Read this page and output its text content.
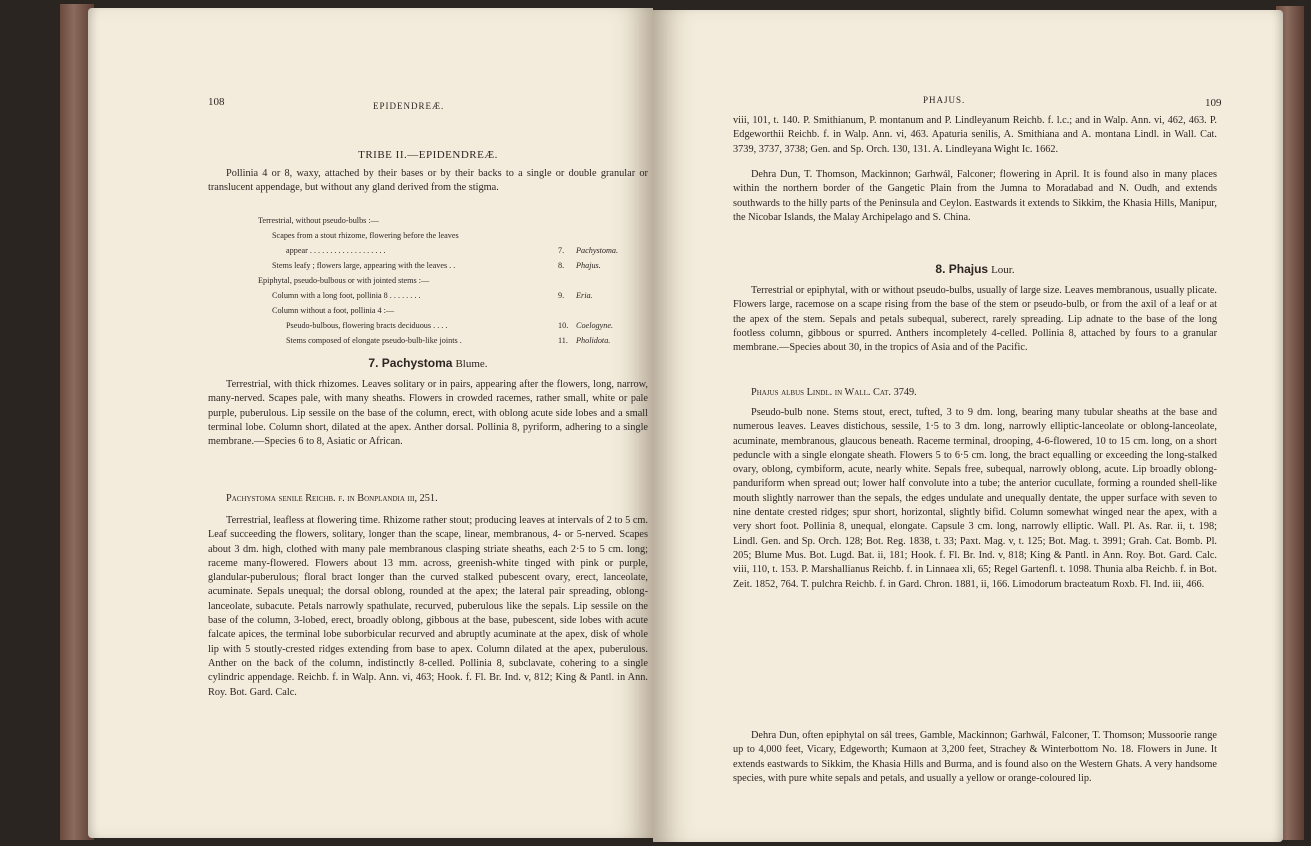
108	EPIDENDREÆ.
TRIBE II.—EPIDENDREÆ.
Pollinia 4 or 8, waxy, attached by their bases or by their backs to a single or double granular or translucent appendage, but without any gland derived from the stigma.
Terrestrial, without pseudo-bulbs :—
Scapes from a stout rhizome, flowering before the leaves
appear . . . . . . . . . . . . . . . . . . .	7. Pachystoma.
Stems leafy ; flowers large, appearing with the leaves . .	8. Phajus.
Epiphytal, pseudo-bulbous or with jointed stems :—
Column with a long foot, pollinia 8 . . . . . . . .	9. Eria.
Column without a foot, pollinia 4 :—
Pseudo-bulbous, flowering bracts deciduous . . . .	10. Coelogyne.
Stems composed of elongate pseudo-bulb-like joints .	11. Pholidota.
7. Pachystoma Blume.
Terrestrial, with thick rhizomes. Leaves solitary or in pairs, appearing after the flowers, long, narrow, many-nerved. Scapes pale, with many sheaths. Flowers in crowded racemes, rather small, white or pale purple, puberulous. Lip sessile on the base of the column, erect, with oblong acute side lobes and a small terminal lobe. Column short, dilated at the apex. Anther dorsal. Pollinia 8, pyriform, adhering to a single membrane.—Species 6 to 8, Asiatic or African.
Pachystoma senile Reichb. f. in Bonplandia iii, 251.
Terrestrial, leafless at flowering time. Rhizome rather stout; producing leaves at intervals of 2 to 5 cm. Leaf succeeding the flowers, solitary, longer than the scape, linear, membranous, 4- or 5-nerved. Scapes about 3 dm. high, clothed with many pale membranous clasping striate sheaths, each 2·5 to 5 cm. long; raceme many-flowered. Flowers about 13 mm. across, greenish-white tinged with pink or purple, glandular-puberulous; floral bract longer than the curved stalked pubescent ovary, erect, lanceolate, acuminate. Sepals unequal; the dorsal oblong, rounded at the apex; the lateral pair spreading, oblong-lanceolate, subacute. Petals narrowly spathulate, recurved, puberulous like the sepals. Lip sessile on the base of the column, 3-lobed, erect, broadly oblong, gibbous at the base, pubescent, side lobes with acute falcate apices, the terminal lobe suborbicular recurved and abruptly acuminate at the apex, disk of whole lip with 5 stoutly-crested ridges extending from base to apex. Column dilated at the apex, puberulous. Anther on the back of the column, indistinctly 8-celled. Pollinia 8, subclavate, cohering to a single cylindric appendage. Reichb. f. in Walp. Ann. vi, 463; Hook. f. Fl. Br. Ind. v, 812; King & Pantl. in Ann. Roy. Bot. Gard. Calc.
PHAJUS.	109
viii, 101, t. 140. P. Smithianum, P. montanum and P. Lindleyanum Reichb. f. l.c.; and in Walp. Ann. vi, 462, 463. P. Edgeworthii Reichb. f. in Walp. Ann. vi, 463. Apaturia senilis, A. Smithiana and A. montana Lindl. in Wall. Cat. 3739, 3737, 3738; Gen. and Sp. Orch. 130, 131. A. Lindleyana Wight Ic. 1662.
Dehra Dun, T. Thomson, Mackinnon; Garhwál, Falconer; flowering in April. It is found also in many places within the northern border of the Gangetic Plain from the Jumna to Moradabad and N. Oudh, and extends southwards to the hilly parts of the Peninsula and Ceylon. Eastwards it extends to Sikkim, the Khasia Hills, Manipur, the Nicobar Islands, the Malay Archipelago and S. China.
8. Phajus Lour.
Terrestrial or epiphytal, with or without pseudo-bulbs, usually of large size. Leaves membranous, usually plicate. Flowers large, racemose on a scape rising from the base of the stem or pseudo-bulb, or from the axil of a leaf or at the apex of the stem. Sepals and petals subequal, suberect, rarely spreading. Lip adnate to the base of the long footless column, gibbous or spurred. Anthers incompletely 4-celled. Pollinia 8, attached by fours to a granular membrane.—Species about 30, in the tropics of Asia and of the Pacific.
Phajus albus Lindl. in Wall. Cat. 3749.
Pseudo-bulb none. Stems stout, erect, tufted, 3 to 9 dm. long, bearing many tubular sheaths at the base and numerous leaves. Leaves distichous, sessile, 1·5 to 3 dm. long, narrowly elliptic-lanceolate or oblong-lanceolate, acuminate, membranous, glaucous beneath. Raceme terminal, drooping, 4-6-flowered, 10 to 15 cm. long, on a short peduncle with a single elongate sheath. Flowers 5 to 6·5 cm. long, the bract equalling or exceeding the long-stalked ovary, oblong, cymbiform, acute, nearly white. Sepals free, subequal, narrowly oblong, acute. Lip broadly oblong-panduriform when spread out; lower half convolute into a tube; the anterior cucullate, forming a rounded shell-like mouth slightly narrower than the sepals, the edges undulate and unequally dentate, the upper surface with seven to nine dentate crested ridges; spur short, horizontal, slightly bifid. Column somewhat winged near the apex, with a very short foot. Pollinia 8, unequal, elongate. Capsule 3 cm. long, narrowly elliptic. Wall. Pl. As. Rar. ii, t. 198; Lindl. Gen. and Sp. Orch. 128; Bot. Reg. 1838, t. 33; Paxt. Mag. v, t. 125; Bot. Mag. t. 3991; Grah. Cat. Bomb. Pl. 205; Blume Mus. Bot. Lugd. Bat. ii, 181; Hook. f. Fl. Br. Ind. v, 818; King & Pantl. in Ann. Roy. Bot. Gard. Calc. viii, 110, t. 153. P. Marshallianus Reichb. f. in Linnaea xli, 65; Regel Gartenfl. t. 1098. Thunia alba Reichb. f. in Bot. Zeit. 1852, 764. T. pulchra Reichb. f. in Gard. Chron. 1881, ii, 166. Limodorum bracteatum Roxb. Fl. Ind. iii, 466.
Dehra Dun, often epiphytal on sál trees, Gamble, Mackinnon; Garhwál, Falconer, T. Thomson; Mussoorie range up to 4,000 feet, Vicary, Edgeworth; Kumaon at 3,200 feet, Strachey & Winterbottom No. 18. Flowers in June. It extends eastwards to Sikkim, the Khasia Hills and Burma, and is found also on the Western Ghats. A very handsome species, with pure white sepals and petals, and usually a yellow or orange-coloured lip.
